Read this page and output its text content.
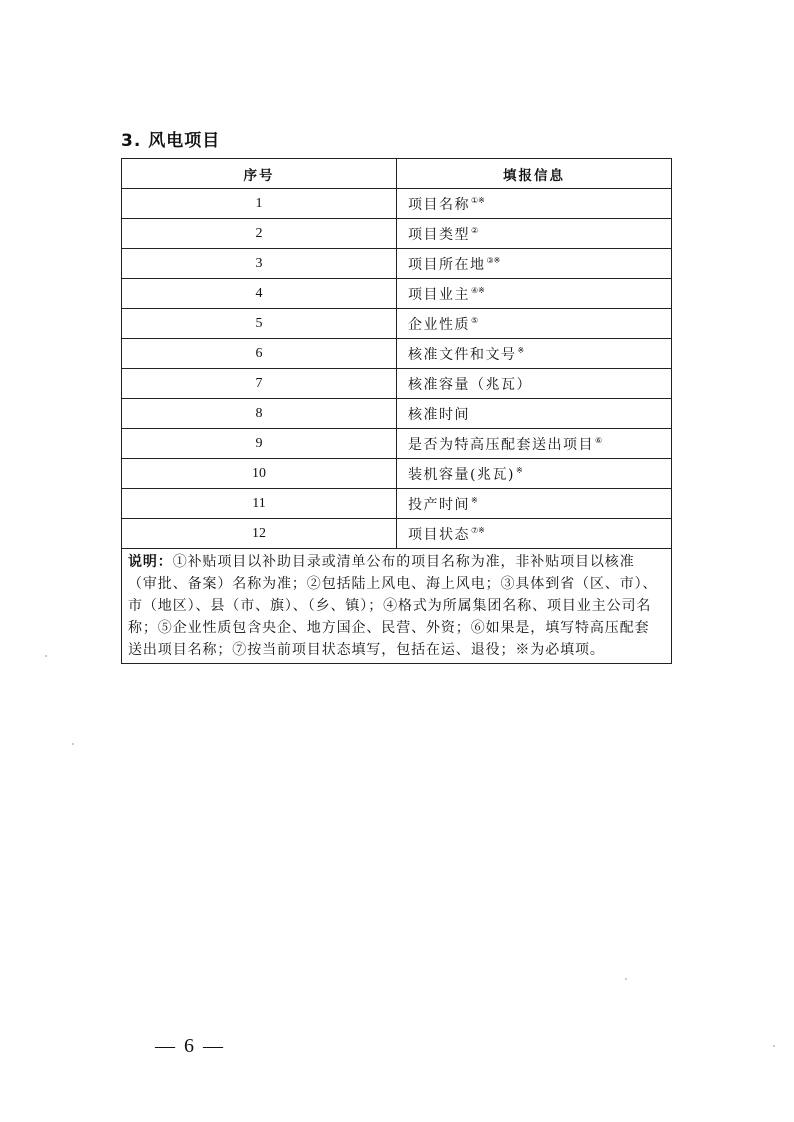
3. 风电项目
序号	填报信息
1	项目名称①※
2	项目类型②
3	项目所在地③※
4	项目业主④※
5	企业性质⑤
6	核准文件和文号※
7	核准容量（兆瓦）
8	核准时间
9	是否为特高压配套送出项目⑥
10	装机容量(兆瓦)※
11	投产时间※
12	项目状态⑦※
说明：①补贴项目以补助目录或清单公布的项目名称为准，非补贴项目以核准（审批、备案）名称为准；②包括陆上风电、海上风电；③具体到省（区、市）、市（地区）、县（市、旗）、（乡、镇）；④格式为所属集团名称、项目业主公司名称；⑤企业性质包含央企、地方国企、民营、外资；⑥如果是，填写特高压配套送出项目名称；⑦按当前项目状态填写，包括在运、退役；※为必填项。	
— 6 —
